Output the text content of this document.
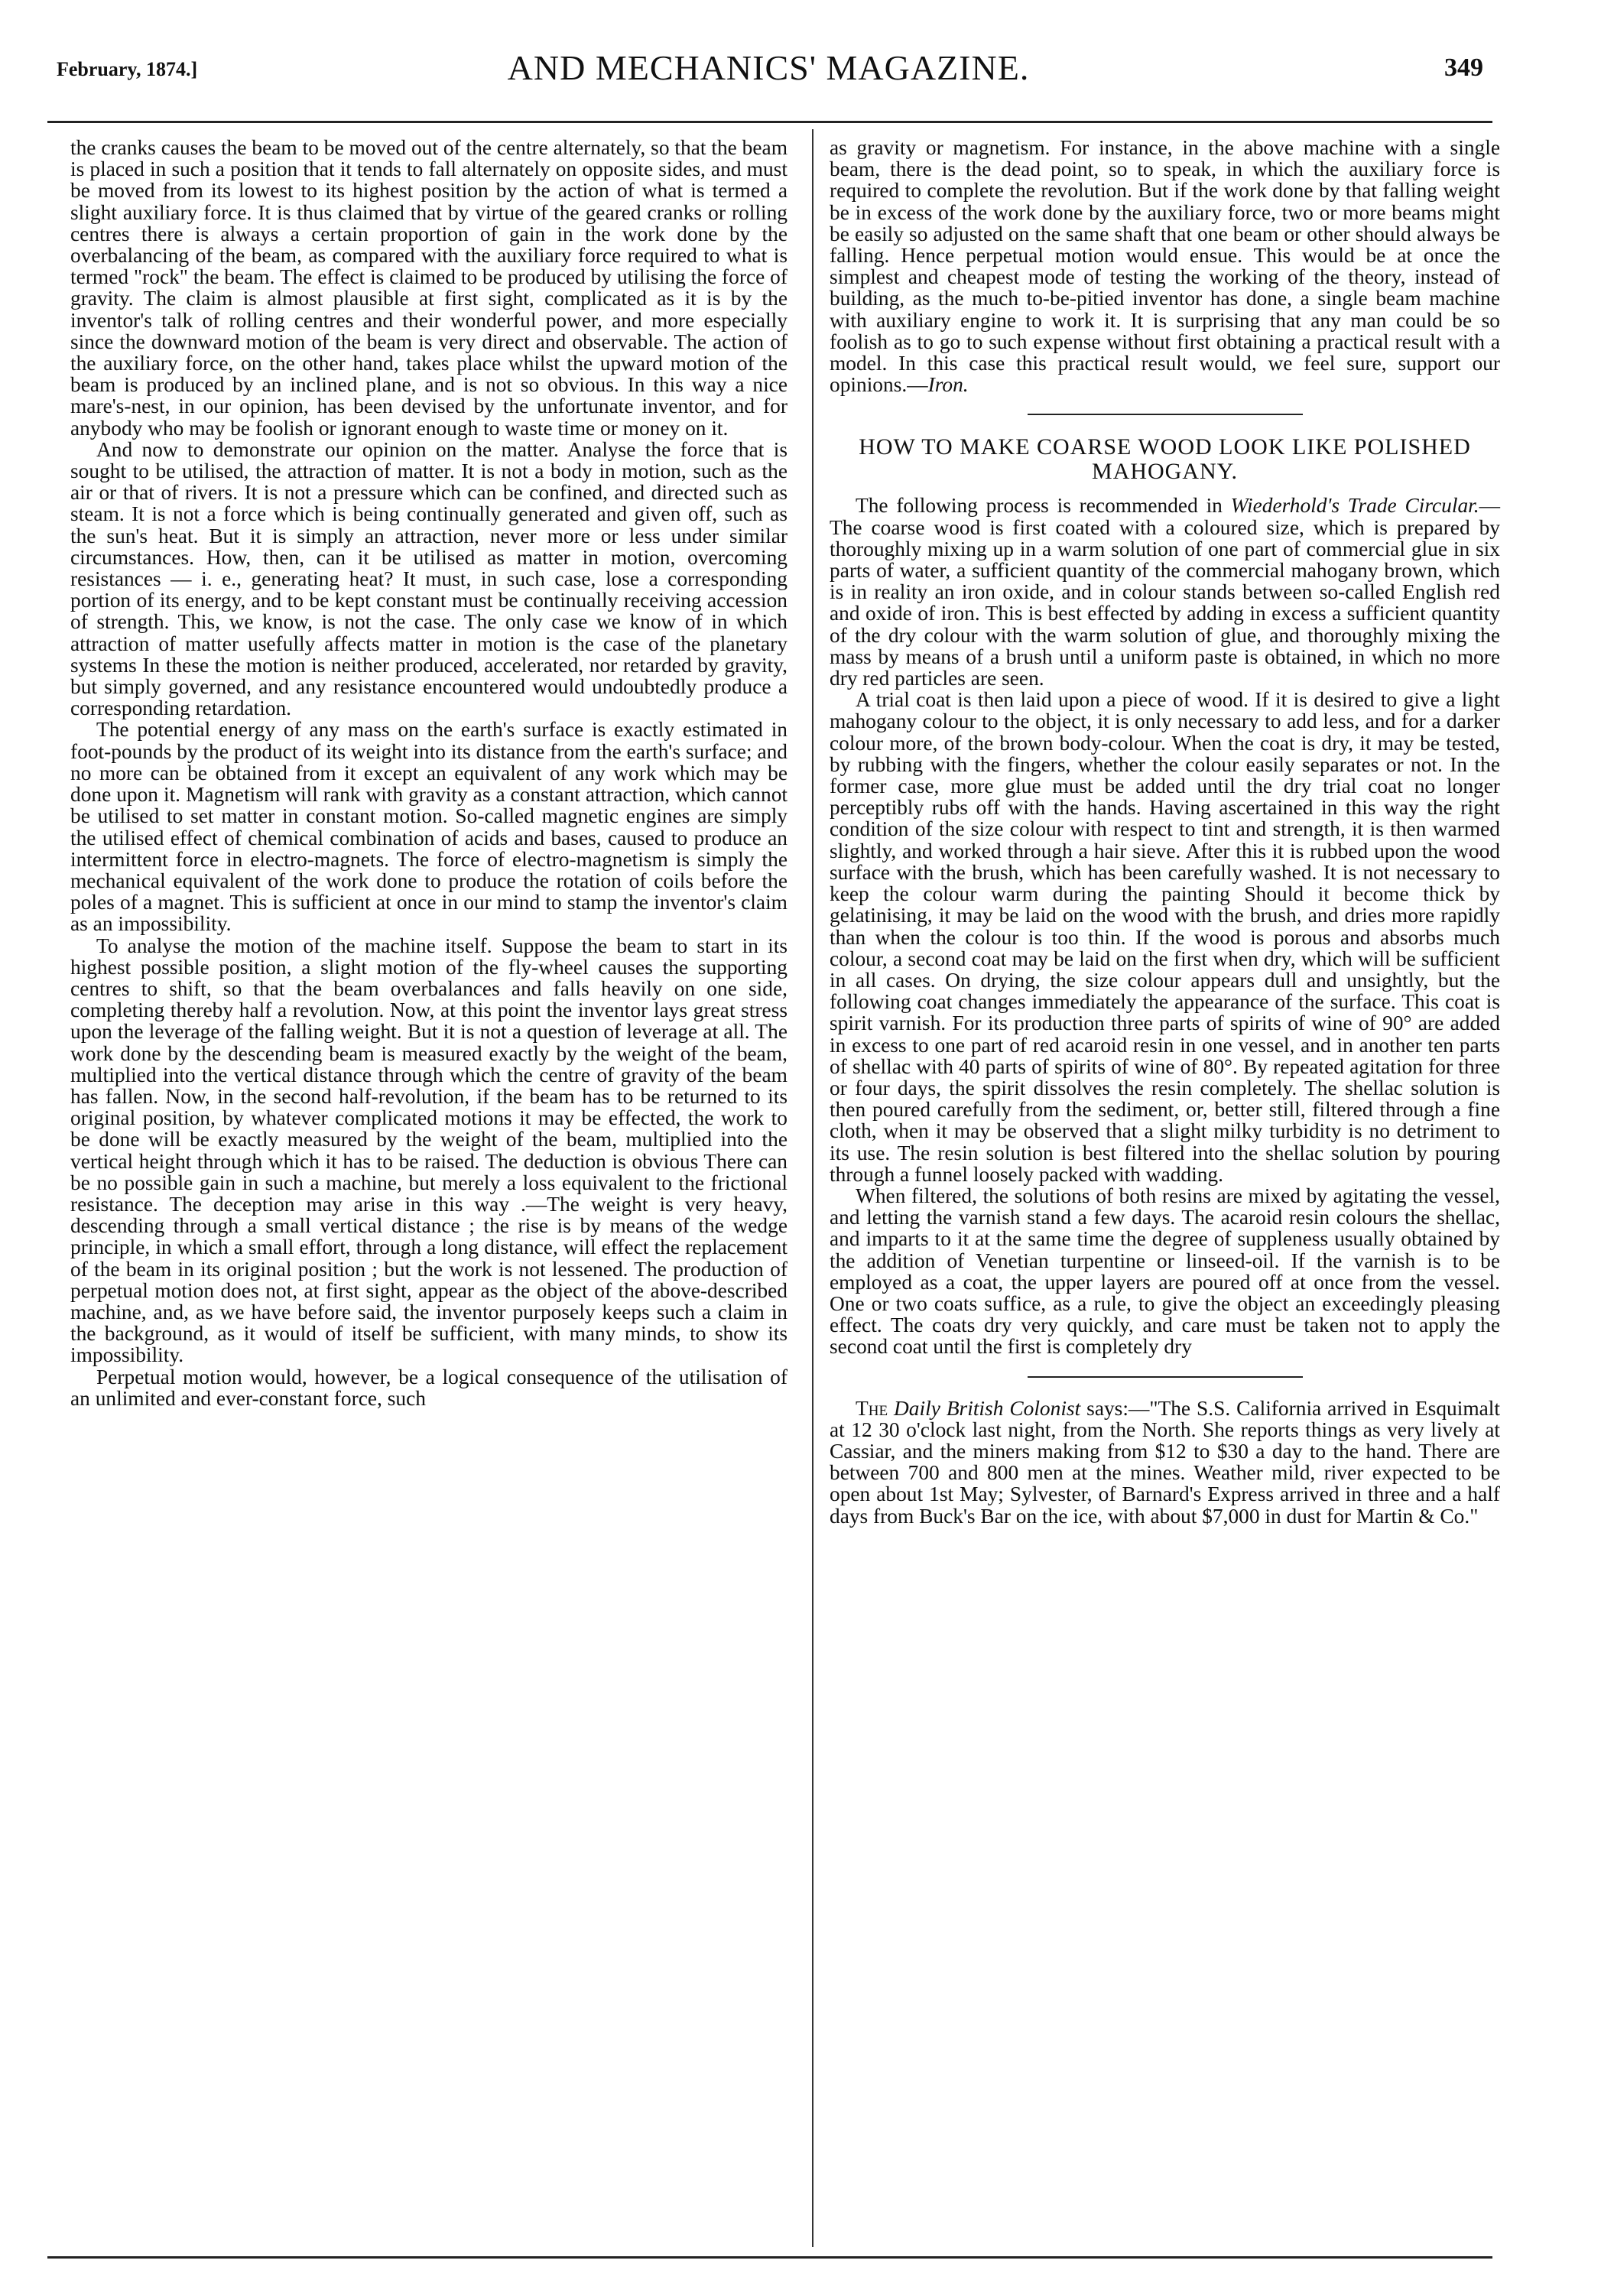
February, 1874.]	AND MECHANICS' MAGAZINE.	349

the cranks causes the beam to be moved out of the centre alternately, so that the beam is placed in such a position that it tends to fall alternately on opposite sides, and must be moved from its lowest to its highest position by the action of what is termed a slight auxiliary force. It is thus claimed that by virtue of the geared cranks or rolling centres there is always a certain proportion of gain in the work done by the overbalancing of the beam, as compared with the auxiliary force required to what is termed "rock" the beam. The effect is claimed to be produced by utilising the force of gravity. The claim is almost plausible at first sight, complicated as it is by the inventor's talk of rolling centres and their wonderful power, and more especially since the downward motion of the beam is very direct and observable. The action of the auxiliary force, on the other hand, takes place whilst the upward motion of the beam is produced by an inclined plane, and is not so obvious. In this way a nice mare's-nest, in our opinion, has been devised by the unfortunate inventor, and for anybody who may be foolish or ignorant enough to waste time or money on it.

And now to demonstrate our opinion on the matter. Analyse the force that is sought to be utilised, the attraction of matter. It is not a body in motion, such as the air or that of rivers. It is not a pressure which can be confined, and directed such as steam. It is not a force which is being continually generated and given off, such as the sun's heat. But it is simply an attraction, never more or less under similar circumstances. How, then, can it be utilised as matter in motion, overcoming resistances — i. e., generating heat? It must, in such case, lose a corresponding portion of its energy, and to be kept constant must be continually receiving accession of strength. This, we know, is not the case. The only case we know of in which attraction of matter usefully affects matter in motion is the case of the planetary systems In these the motion is neither produced, accelerated, nor retarded by gravity, but simply governed, and any resistance encountered would undoubtedly produce a corresponding retardation.

The potential energy of any mass on the earth's surface is exactly estimated in foot-pounds by the product of its weight into its distance from the earth's surface; and no more can be obtained from it except an equivalent of any work which may be done upon it. Magnetism will rank with gravity as a constant attraction, which cannot be utilised to set matter in constant motion. So-called magnetic engines are simply the utilised effect of chemical combination of acids and bases, caused to produce an intermittent force in electro-magnets. The force of electro-magnetism is simply the mechanical equivalent of the work done to produce the rotation of coils before the poles of a magnet. This is sufficient at once in our mind to stamp the inventor's claim as an impossibility.

To analyse the motion of the machine itself. Suppose the beam to start in its highest possible position, a slight motion of the fly-wheel causes the supporting centres to shift, so that the beam overbalances and falls heavily on one side, completing thereby half a revolution. Now, at this point the inventor lays great stress upon the leverage of the falling weight. But it is not a question of leverage at all. The work done by the descending beam is measured exactly by the weight of the beam, multiplied into the vertical distance through which the centre of gravity of the beam has fallen. Now, in the second half-revolution, if the beam has to be returned to its original position, by whatever complicated motions it may be effected, the work to be done will be exactly measured by the weight of the beam, multiplied into the vertical height through which it has to be raised. The deduction is obvious There can be no possible gain in such a machine, but merely a loss equivalent to the frictional resistance. The deception may arise in this way .—The weight is very heavy, descending through a small vertical distance ; the rise is by means of the wedge principle, in which a small effort, through a long distance, will effect the replacement of the beam in its original position ; but the work is not lessened. The production of perpetual motion does not, at first sight, appear as the object of the above-described machine, and, as we have before said, the inventor purposely keeps such a claim in the background, as it would of itself be sufficient, with many minds, to show its impossibility.

Perpetual motion would, however, be a logical consequence of the utilisation of an unlimited and ever-constant force, such

as gravity or magnetism. For instance, in the above machine with a single beam, there is the dead point, so to speak, in which the auxiliary force is required to complete the revolution. But if the work done by that falling weight be in excess of the work done by the auxiliary force, two or more beams might be easily so adjusted on the same shaft that one beam or other should always be falling. Hence perpetual motion would ensue. This would be at once the simplest and cheapest mode of testing the working of the theory, instead of building, as the much to-be-pitied inventor has done, a single beam machine with auxiliary engine to work it. It is surprising that any man could be so foolish as to go to such expense without first obtaining a practical result with a model. In this case this practical result would, we feel sure, support our opinions.—Iron.

HOW TO MAKE COARSE WOOD LOOK LIKE POLISHED MAHOGANY.

The following process is recommended in Wiederhold's Trade Circular.—The coarse wood is first coated with a coloured size, which is prepared by thoroughly mixing up in a warm solution of one part of commercial glue in six parts of water, a sufficient quantity of the commercial mahogany brown, which is in reality an iron oxide, and in colour stands between so-called English red and oxide of iron. This is best effected by adding in excess a sufficient quantity of the dry colour with the warm solution of glue, and thoroughly mixing the mass by means of a brush until a uniform paste is obtained, in which no more dry red particles are seen.

A trial coat is then laid upon a piece of wood. If it is desired to give a light mahogany colour to the object, it is only necessary to add less, and for a darker colour more, of the brown body-colour. When the coat is dry, it may be tested, by rubbing with the fingers, whether the colour easily separates or not. In the former case, more glue must be added until the dry trial coat no longer perceptibly rubs off with the hands. Having ascertained in this way the right condition of the size colour with respect to tint and strength, it is then warmed slightly, and worked through a hair sieve. After this it is rubbed upon the wood surface with the brush, which has been carefully washed. It is not necessary to keep the colour warm during the painting Should it become thick by gelatinising, it may be laid on the wood with the brush, and dries more rapidly than when the colour is too thin. If the wood is porous and absorbs much colour, a second coat may be laid on the first when dry, which will be sufficient in all cases. On drying, the size colour appears dull and unsightly, but the following coat changes immediately the appearance of the surface. This coat is spirit varnish. For its production three parts of spirits of wine of 90° are added in excess to one part of red acaroid resin in one vessel, and in another ten parts of shellac with 40 parts of spirits of wine of 80°. By repeated agitation for three or four days, the spirit dissolves the resin completely. The shellac solution is then poured carefully from the sediment, or, better still, filtered through a fine cloth, when it may be observed that a slight milky turbidity is no detriment to its use. The resin solution is best filtered into the shellac solution by pouring through a funnel loosely packed with wadding.

When filtered, the solutions of both resins are mixed by agitating the vessel, and letting the varnish stand a few days. The acaroid resin colours the shellac, and imparts to it at the same time the degree of suppleness usually obtained by the addition of Venetian turpentine or linseed-oil. If the varnish is to be employed as a coat, the upper layers are poured off at once from the vessel. One or two coats suffice, as a rule, to give the object an exceedingly pleasing effect. The coats dry very quickly, and care must be taken not to apply the second coat until the first is completely dry

The Daily British Colonist says:—"The S.S. California arrived in Esquimalt at 12 30 o'clock last night, from the North. She reports things as very lively at Cassiar, and the miners making from $12 to $30 a day to the hand. There are between 700 and 800 men at the mines. Weather mild, river expected to be open about 1st May; Sylvester, of Barnard's Express arrived in three and a half days from Buck's Bar on the ice, with about $7,000 in dust for Martin & Co."
